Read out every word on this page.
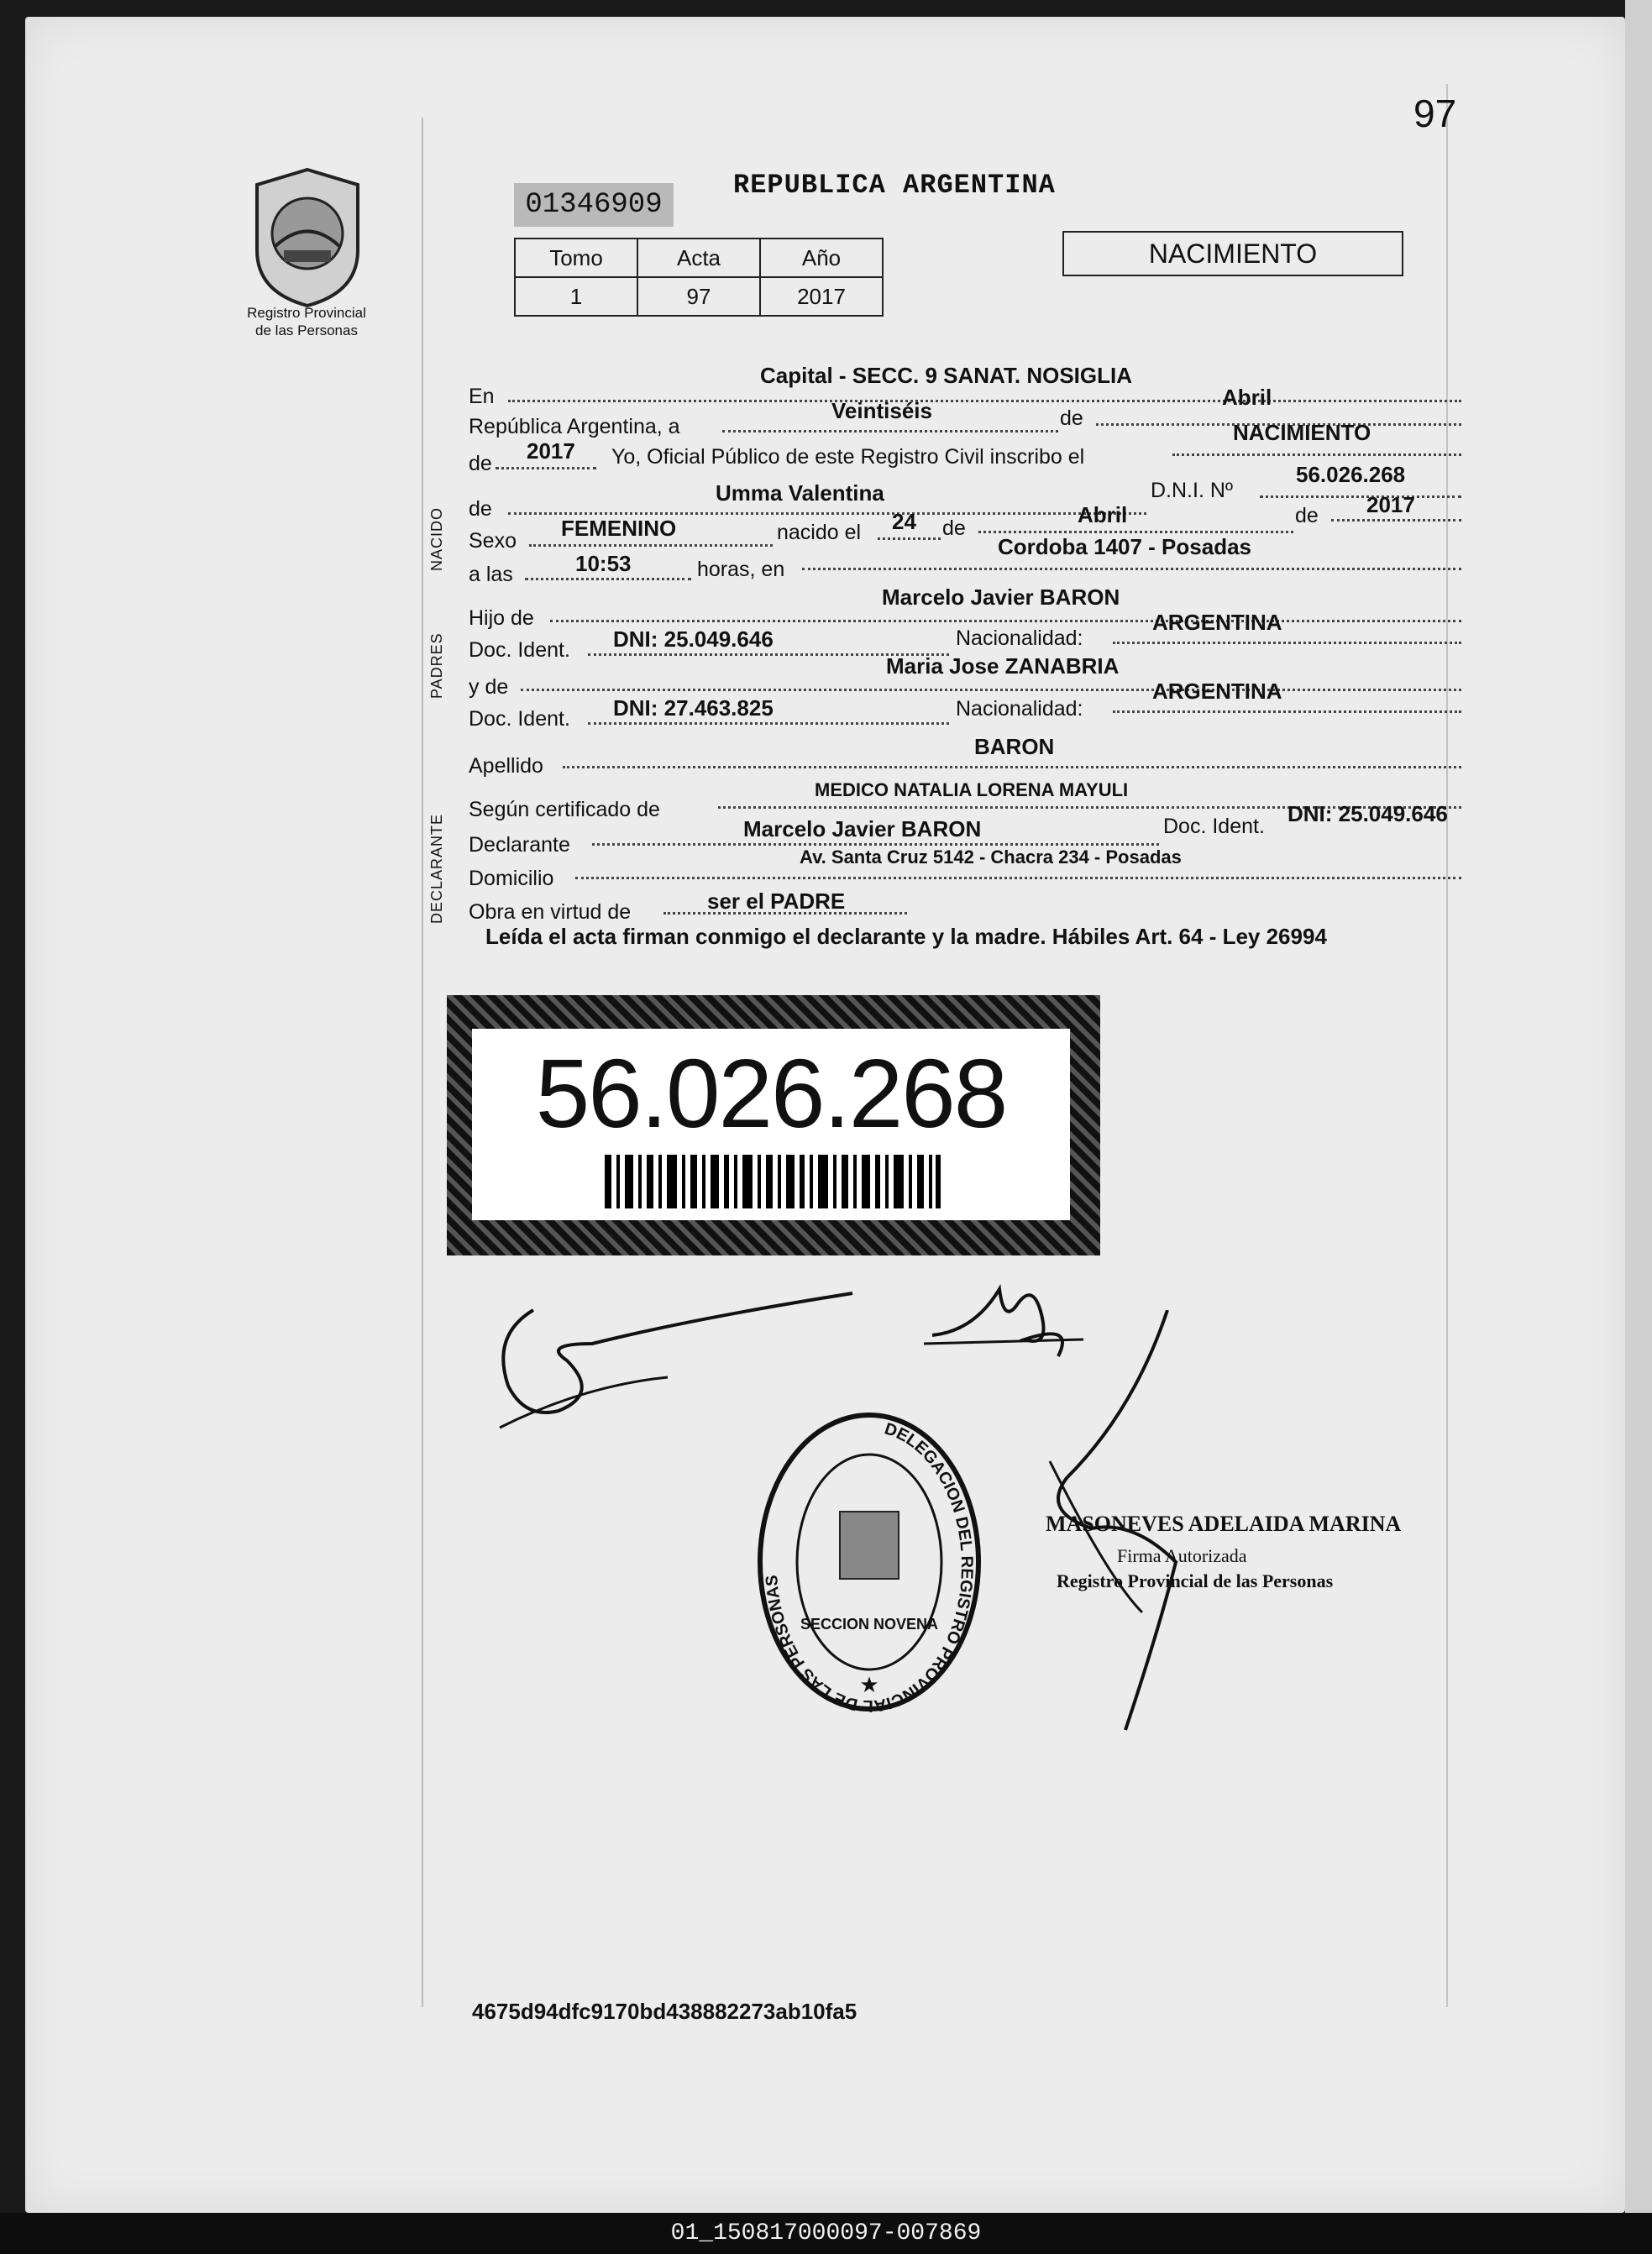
97
Registro Provincial
de las Personas
01346909
REPUBLICA ARGENTINA
Tomo	Acta	Año
1	97	2017
NACIMIENTO
NACIDO
PADRES
DECLARANTE
En
Capital - SECC. 9 SANAT. NOSIGLIA
República Argentina, a
Veintiséis	de
Abril
de 2017 Yo, Oficial Público de este Registro Civil inscribo el
NACIMIENTO
de
Umma Valentina	D.N.I. Nº
56.026.268
Sexo FEMENINO	nacido el 24 de
Abril	de 2017
a las	10:53	horas, en
Cordoba 1407 - Posadas
Hijo de
Marcelo Javier BARON
Doc. Ident. DNI: 25.049.646	Nacionalidad:
ARGENTINA
y de
Maria Jose ZANABRIA
Doc. Ident. DNI: 27.463.825	Nacionalidad:
ARGENTINA
Apellido
BARON
Según certificado de
MEDICO NATALIA LORENA MAYULI
Declarante
Marcelo Javier BARON	Doc. Ident. DNI: 25.049.646
Domicilio
Av. Santa Cruz 5142 - Chacra 234 - Posadas
Obra en virtud de	ser el PADRE
Leída el acta firman conmigo el declarante y la madre. Hábiles Art. 64 - Ley 26994
56.026.268
DELEGACION DEL REGISTRO PROVINCIAL DE LAS PERSONAS
SECCION NOVENA
★
MASONEVES ADELAIDA MARINA
Firma Autorizada
Registro Provincial de las Personas
4675d94dfc9170bd438882273ab10fa5
01_150817000097-007869
